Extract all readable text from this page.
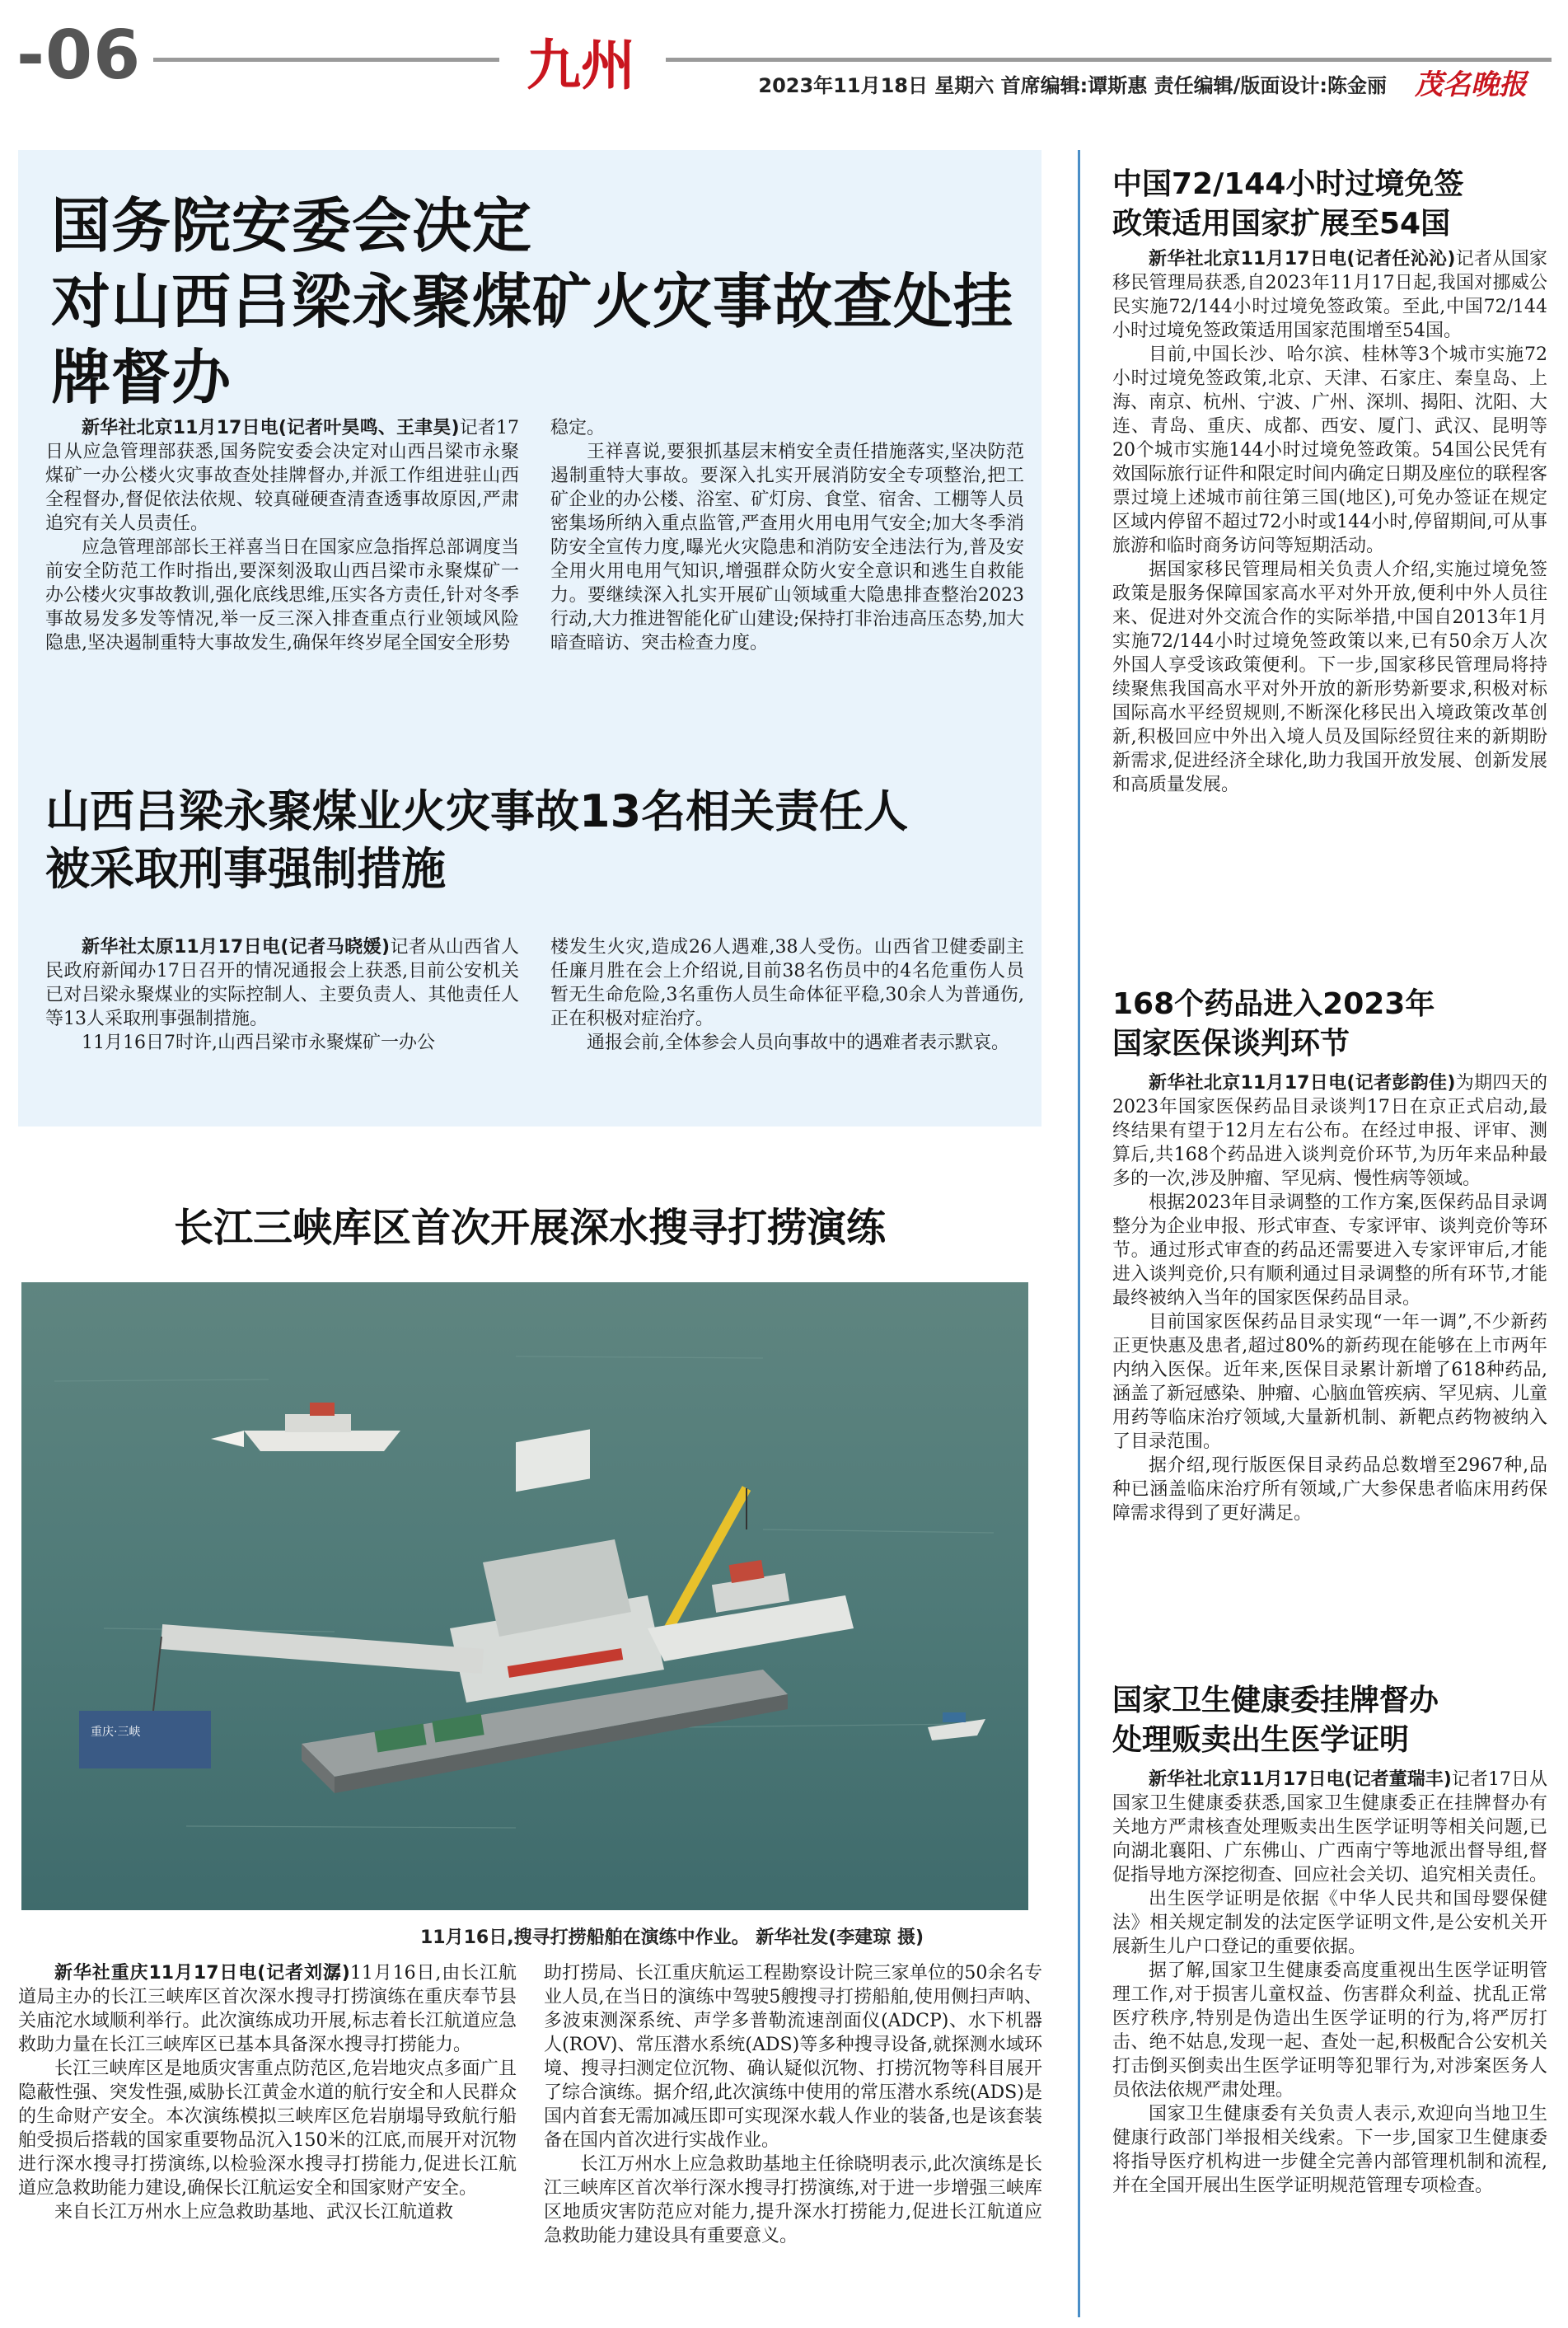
-06	九州	2023年11月18日 星期六 首席编辑:谭斯惠 责任编辑/版面设计:陈金丽	茂名晚报
国务院安委会决定
对山西吕梁永聚煤矿火灾事故查处挂牌督办

新华社北京11月17日电(记者叶昊鸣、王聿昊)记者17日从应急管理部获悉,国务院安委会决定对山西吕梁市永聚煤矿一办公楼火灾事故查处挂牌督办,并派工作组进驻山西全程督办,督促依法依规、较真碰硬查清查透事故原因,严肃追究有关人员责任。

应急管理部部长王祥喜当日在国家应急指挥总部调度当前安全防范工作时指出,要深刻汲取山西吕梁市永聚煤矿一办公楼火灾事故教训,强化底线思维,压实各方责任,针对冬季事故易发多发等情况,举一反三深入排查重点行业领域风险隐患,坚决遏制重特大事故发生,确保年终岁尾全国安全形势

稳定。

王祥喜说,要狠抓基层末梢安全责任措施落实,坚决防范遏制重特大事故。要深入扎实开展消防安全专项整治,把工矿企业的办公楼、浴室、矿灯房、食堂、宿舍、工棚等人员密集场所纳入重点监管,严查用火用电用气安全;加大冬季消防安全宣传力度,曝光火灾隐患和消防安全违法行为,普及安全用火用电用气知识,增强群众防火安全意识和逃生自救能力。要继续深入扎实开展矿山领域重大隐患排查整治2023行动,大力推进智能化矿山建设;保持打非治违高压态势,加大暗查暗访、突击检查力度。

山西吕梁永聚煤业火灾事故13名相关责任人
被采取刑事强制措施

新华社太原11月17日电(记者马晓媛)记者从山西省人民政府新闻办17日召开的情况通报会上获悉,目前公安机关已对吕梁永聚煤业的实际控制人、主要负责人、其他责任人等13人采取刑事强制措施。

11月16日7时许,山西吕梁市永聚煤矿一办公

楼发生火灾,造成26人遇难,38人受伤。山西省卫健委副主任廉月胜在会上介绍说,目前38名伤员中的4名危重伤人员暂无生命危险,3名重伤人员生命体征平稳,30余人为普通伤,正在积极对症治疗。

通报会前,全体参会人员向事故中的遇难者表示默哀。

长江三峡库区首次开展深水搜寻打捞演练
重庆·三峡
11月16日,搜寻打捞船舶在演练中作业。 新华社发(李建琼 摄)

新华社重庆11月17日电(记者刘潺)11月16日,由长江航道局主办的长江三峡库区首次深水搜寻打捞演练在重庆奉节县关庙沱水域顺利举行。此次演练成功开展,标志着长江航道应急救助力量在长江三峡库区已基本具备深水搜寻打捞能力。

长江三峡库区是地质灾害重点防范区,危岩地灾点多面广且隐蔽性强、突发性强,威胁长江黄金水道的航行安全和人民群众的生命财产安全。本次演练模拟三峡库区危岩崩塌导致航行船舶受损后搭载的国家重要物品沉入150米的江底,而展开对沉物进行深水搜寻打捞演练,以检验深水搜寻打捞能力,促进长江航道应急救助能力建设,确保长江航运安全和国家财产安全。

来自长江万州水上应急救助基地、武汉长江航道救

助打捞局、长江重庆航运工程勘察设计院三家单位的50余名专业人员,在当日的演练中驾驶5艘搜寻打捞船舶,使用侧扫声呐、多波束测深系统、声学多普勒流速剖面仪(ADCP)、水下机器人(ROV)、常压潜水系统(ADS)等多种搜寻设备,就探测水域环境、搜寻扫测定位沉物、确认疑似沉物、打捞沉物等科目展开了综合演练。据介绍,此次演练中使用的常压潜水系统(ADS)是国内首套无需加减压即可实现深水载人作业的装备,也是该套装备在国内首次进行实战作业。

长江万州水上应急救助基地主任徐晓明表示,此次演练是长江三峡库区首次举行深水搜寻打捞演练,对于进一步增强三峡库区地质灾害防范应对能力,提升深水打捞能力,促进长江航道应急救助能力建设具有重要意义。

中国72/144小时过境免签
政策适用国家扩展至54国

新华社北京11月17日电(记者任沁沁)记者从国家移民管理局获悉,自2023年11月17日起,我国对挪威公民实施72/144小时过境免签政策。至此,中国72/144小时过境免签政策适用国家范围增至54国。

目前,中国长沙、哈尔滨、桂林等3个城市实施72小时过境免签政策,北京、天津、石家庄、秦皇岛、上海、南京、杭州、宁波、广州、深圳、揭阳、沈阳、大连、青岛、重庆、成都、西安、厦门、武汉、昆明等20个城市实施144小时过境免签政策。54国公民凭有效国际旅行证件和限定时间内确定日期及座位的联程客票过境上述城市前往第三国(地区),可免办签证在规定区域内停留不超过72小时或144小时,停留期间,可从事旅游和临时商务访问等短期活动。

据国家移民管理局相关负责人介绍,实施过境免签政策是服务保障国家高水平对外开放,便利中外人员往来、促进对外交流合作的实际举措,中国自2013年1月实施72/144小时过境免签政策以来,已有50余万人次外国人享受该政策便利。下一步,国家移民管理局将持续聚焦我国高水平对外开放的新形势新要求,积极对标国际高水平经贸规则,不断深化移民出入境政策改革创新,积极回应中外出入境人员及国际经贸往来的新期盼新需求,促进经济全球化,助力我国开放发展、创新发展和高质量发展。

168个药品进入2023年
国家医保谈判环节

新华社北京11月17日电(记者彭韵佳)为期四天的2023年国家医保药品目录谈判17日在京正式启动,最终结果有望于12月左右公布。在经过申报、评审、测算后,共168个药品进入谈判竞价环节,为历年来品种最多的一次,涉及肿瘤、罕见病、慢性病等领域。

根据2023年目录调整的工作方案,医保药品目录调整分为企业申报、形式审查、专家评审、谈判竞价等环节。通过形式审查的药品还需要进入专家评审后,才能进入谈判竞价,只有顺利通过目录调整的所有环节,才能最终被纳入当年的国家医保药品目录。

目前国家医保药品目录实现“一年一调”,不少新药正更快惠及患者,超过80%的新药现在能够在上市两年内纳入医保。近年来,医保目录累计新增了618种药品,涵盖了新冠感染、肿瘤、心脑血管疾病、罕见病、儿童用药等临床治疗领域,大量新机制、新靶点药物被纳入了目录范围。

据介绍,现行版医保目录药品总数增至2967种,品种已涵盖临床治疗所有领域,广大参保患者临床用药保障需求得到了更好满足。

国家卫生健康委挂牌督办
处理贩卖出生医学证明

新华社北京11月17日电(记者董瑞丰)记者17日从国家卫生健康委获悉,国家卫生健康委正在挂牌督办有关地方严肃核查处理贩卖出生医学证明等相关问题,已向湖北襄阳、广东佛山、广西南宁等地派出督导组,督促指导地方深挖彻查、回应社会关切、追究相关责任。

出生医学证明是依据《中华人民共和国母婴保健法》相关规定制发的法定医学证明文件,是公安机关开展新生儿户口登记的重要依据。

据了解,国家卫生健康委高度重视出生医学证明管理工作,对于损害儿童权益、伤害群众利益、扰乱正常医疗秩序,特别是伪造出生医学证明的行为,将严厉打击、绝不姑息,发现一起、查处一起,积极配合公安机关打击倒买倒卖出生医学证明等犯罪行为,对涉案医务人员依法依规严肃处理。

国家卫生健康委有关负责人表示,欢迎向当地卫生健康行政部门举报相关线索。下一步,国家卫生健康委将指导医疗机构进一步健全完善内部管理机制和流程,并在全国开展出生医学证明规范管理专项检查。
